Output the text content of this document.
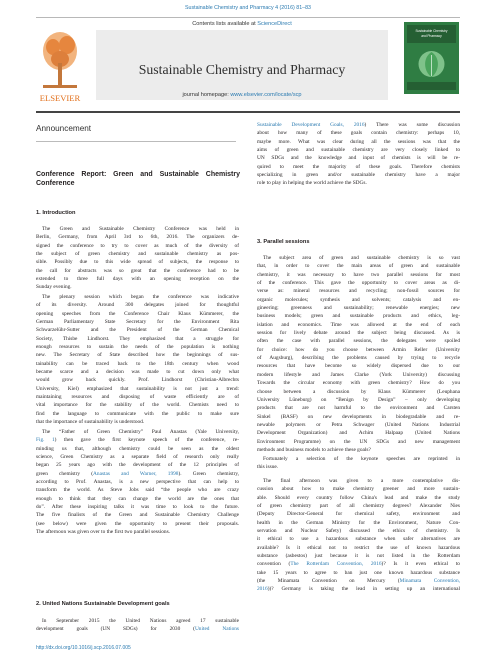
Sustainable Chemistry and Pharmacy 4 (2016) 81–83
ELSEVIER
Contents lists available at ScienceDirect
Sustainable Chemistry and Pharmacy
journal homepage: www.elsevier.com/locate/scp
Sustainable Chemistry
and Pharmacy
Announcement
Conference Report: Green and Sustainable Chemistry
Conference
1. Introduction
The Green and Sustainable Chemistry Conference was held in
Berlin, Germany, from April 3rd to 6th, 2016. The organizers de-
signed the conference to try to cover as much of the diversity of
the subject of green chemistry and sustainable chemistry as pos-
sible. Possibly due to this wide spread of subjects, the response to
the call for abstracts was so great that the conference had to be
extended to three full days with an opening reception on the
Sunday evening.
The plenary session which began the conference was indicative
of its diversity. Around 300 delegates joined for thoughtful
opening speeches from the Conference Chair Klaus Kümmerer, the
German Parliamentary State Secretary for the Environment Rita
Schwarzelühr-Sutter and the President of the German Chemical
Society, Thisbe Lindhorst. They emphasized that a struggle for
enough resources to sustain the needs of the population is nothing
new. The Secretary of State described how the beginnings of sus-
tainability can be traced back to the 18th century when wood
became scarce and a decision was made to cut down only what
would grow back quickly. Prof. Lindhorst (Christian-Albrechts
University, Kiel) emphasized that sustainability is not just a trend:
maintaining resources and disposing of waste efficiently are of
vital importance for the stability of the world. Chemists need to
find the language to communicate with the public to make sure
that the importance of sustainability is understood.
The “Father of Green Chemistry” Paul Anastas (Yale University,
Fig. 1) then gave the first keynote speech of the conference, re-
minding us that, although chemistry could be seen as the oldest
science, Green Chemistry as a separate field of research only really
began 25 years ago with the development of the 12 principles of
green chemistry (Anastas and Warner, 1998). Green chemistry,
according to Prof. Anastas, is a new perspective that can help to
transform the world. As Steve Jobs said “the people who are crazy
enough to think that they can change the world are the ones that
do”. After these inspiring talks it was time to look to the future.
The five finalists of the Green and Sustainable Chemistry Challenge
(see below) were given the opportunity to present their proposals.
The afternoon was given over to the first two parallel sessions.
2. United Nations Sustainable Development goals
In September 2015 the United Nations agreed 17 sustainable
development goals (UN SDGs) for 2030 (United Nations
http://dx.doi.org/10.1016/j.scp.2016.07.005
Sustainable Development Goals, 2016) There was some discussion
about how many of these goals contain chemistry: perhaps 10,
maybe more. What was clear during all the sessions was that the
aims of green and sustainable chemistry are very closely linked to
UN SDGs and the knowledge and input of chemists is will be re-
quired to meet the majority of these goals. Therefore chemists
specializing in green and/or sustainable chemistry have a major
role to play in helping the world achieve the SDGs.
3. Parallel sessions
The subject area of green and sustainable chemistry is so vast
that, in order to cover the main areas of green and sustainable
chemistry, it was necessary to have two parallel sessions for most
of the conference. This gave the opportunity to cover areas as di-
verse as: mineral resources and recycling; non-fossil sources for
organic molecules; synthesis and solvents; catalysis and en-
gineering; greenness and sustainability; renewable energies; new
business models; green and sustainable products and ethics, leg-
islation and economics. Time was allowed at the end of each
session for lively debate around the subject being discussed. As is
often the case with parallel sessions, the delegates were spoiled
for choice: how do you choose between Armin Reller (University
of Augsburg), describing the problems caused by trying to recycle
resources that have become so widely dispersed due to our
modern lifestyle and James Clarke (York University) discussing
Towards the circular economy with green chemistry? How do you
choose between a discussion by Klaus Kümmerer (Leuphana
University Lüneburg) on “Benign by Design” – only developing
products that are not harmful to the environment and Carsten
Sinkel (BASF) on new developments in biodegradable and re-
newable polymers or Petra Schwager (United Nations Industrial
Development Organization) and Achim Halpaap (United Nations
Environment Programme) on the UN SDGs and new management
methods and business models to achieve these goals?
Fortunately a selection of the keynote speeches are reprinted in
this issue.
The final afternoon was given to a more contemplative dis-
cussion about how to make chemistry greener and more sustain-
able. Should every country follow China's lead and make the study
of green chemistry part of all chemistry degrees? Alexander Nies
(Deputy Director-General for chemical safety, environment and
health in the German Ministry for the Environment, Nature Con-
servation and Nuclear Safety) discussed the ethics of chemistry. Is
it ethical to use a hazardous substance when safer alternatives are
available? Is it ethical not to restrict the use of known hazardous
substance (asbestos) just because it is not listed in the Rotterdam
convention (The Rotterdam Convention, 2016)? Is it even ethical to
take 15 years to agree to ban just one known hazardous substance
(the Minamata Convention on Mercury (Minamata Convention,
2016))? Germany is taking the lead in setting up an international
